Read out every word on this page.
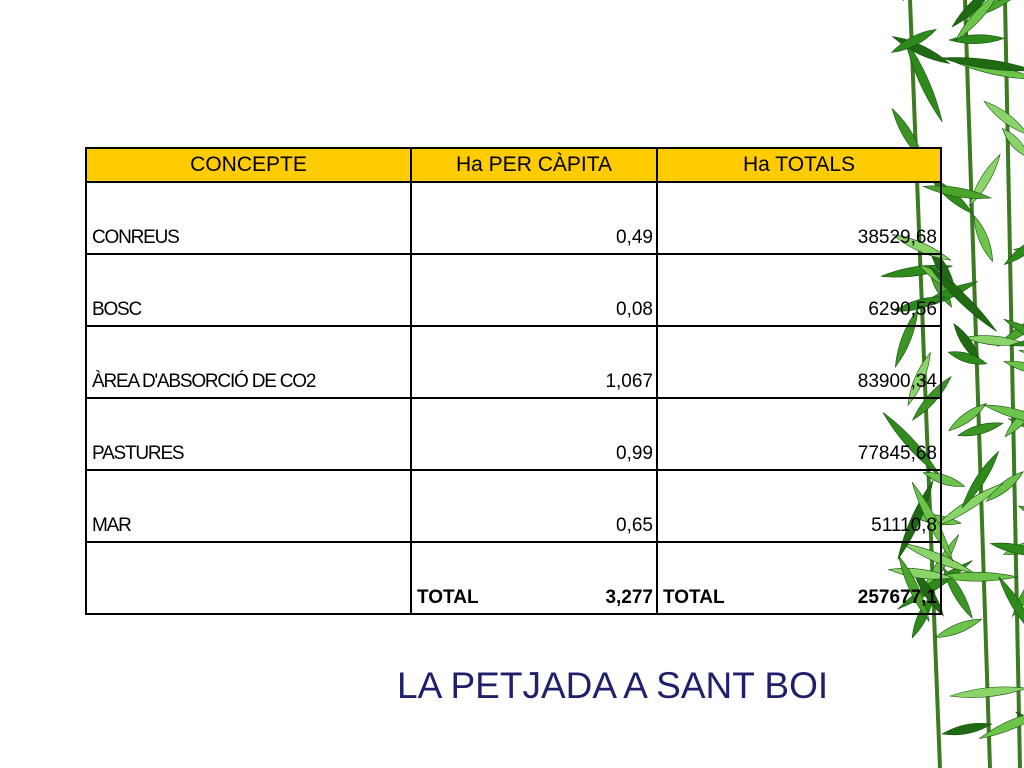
CONCEPTE	Ha PER CÀPITA	Ha TOTALS
CONREUS	0,49	38529,68
BOSC	0,08	6290,56
ÀREA D'ABSORCIÓ DE CO2	1,067	83900,34
PASTURES	0,99	77845,68
MAR	0,65	51110,8

	TOTAL 3,277	TOTAL 257677,1
LA PETJADA A SANT BOI
